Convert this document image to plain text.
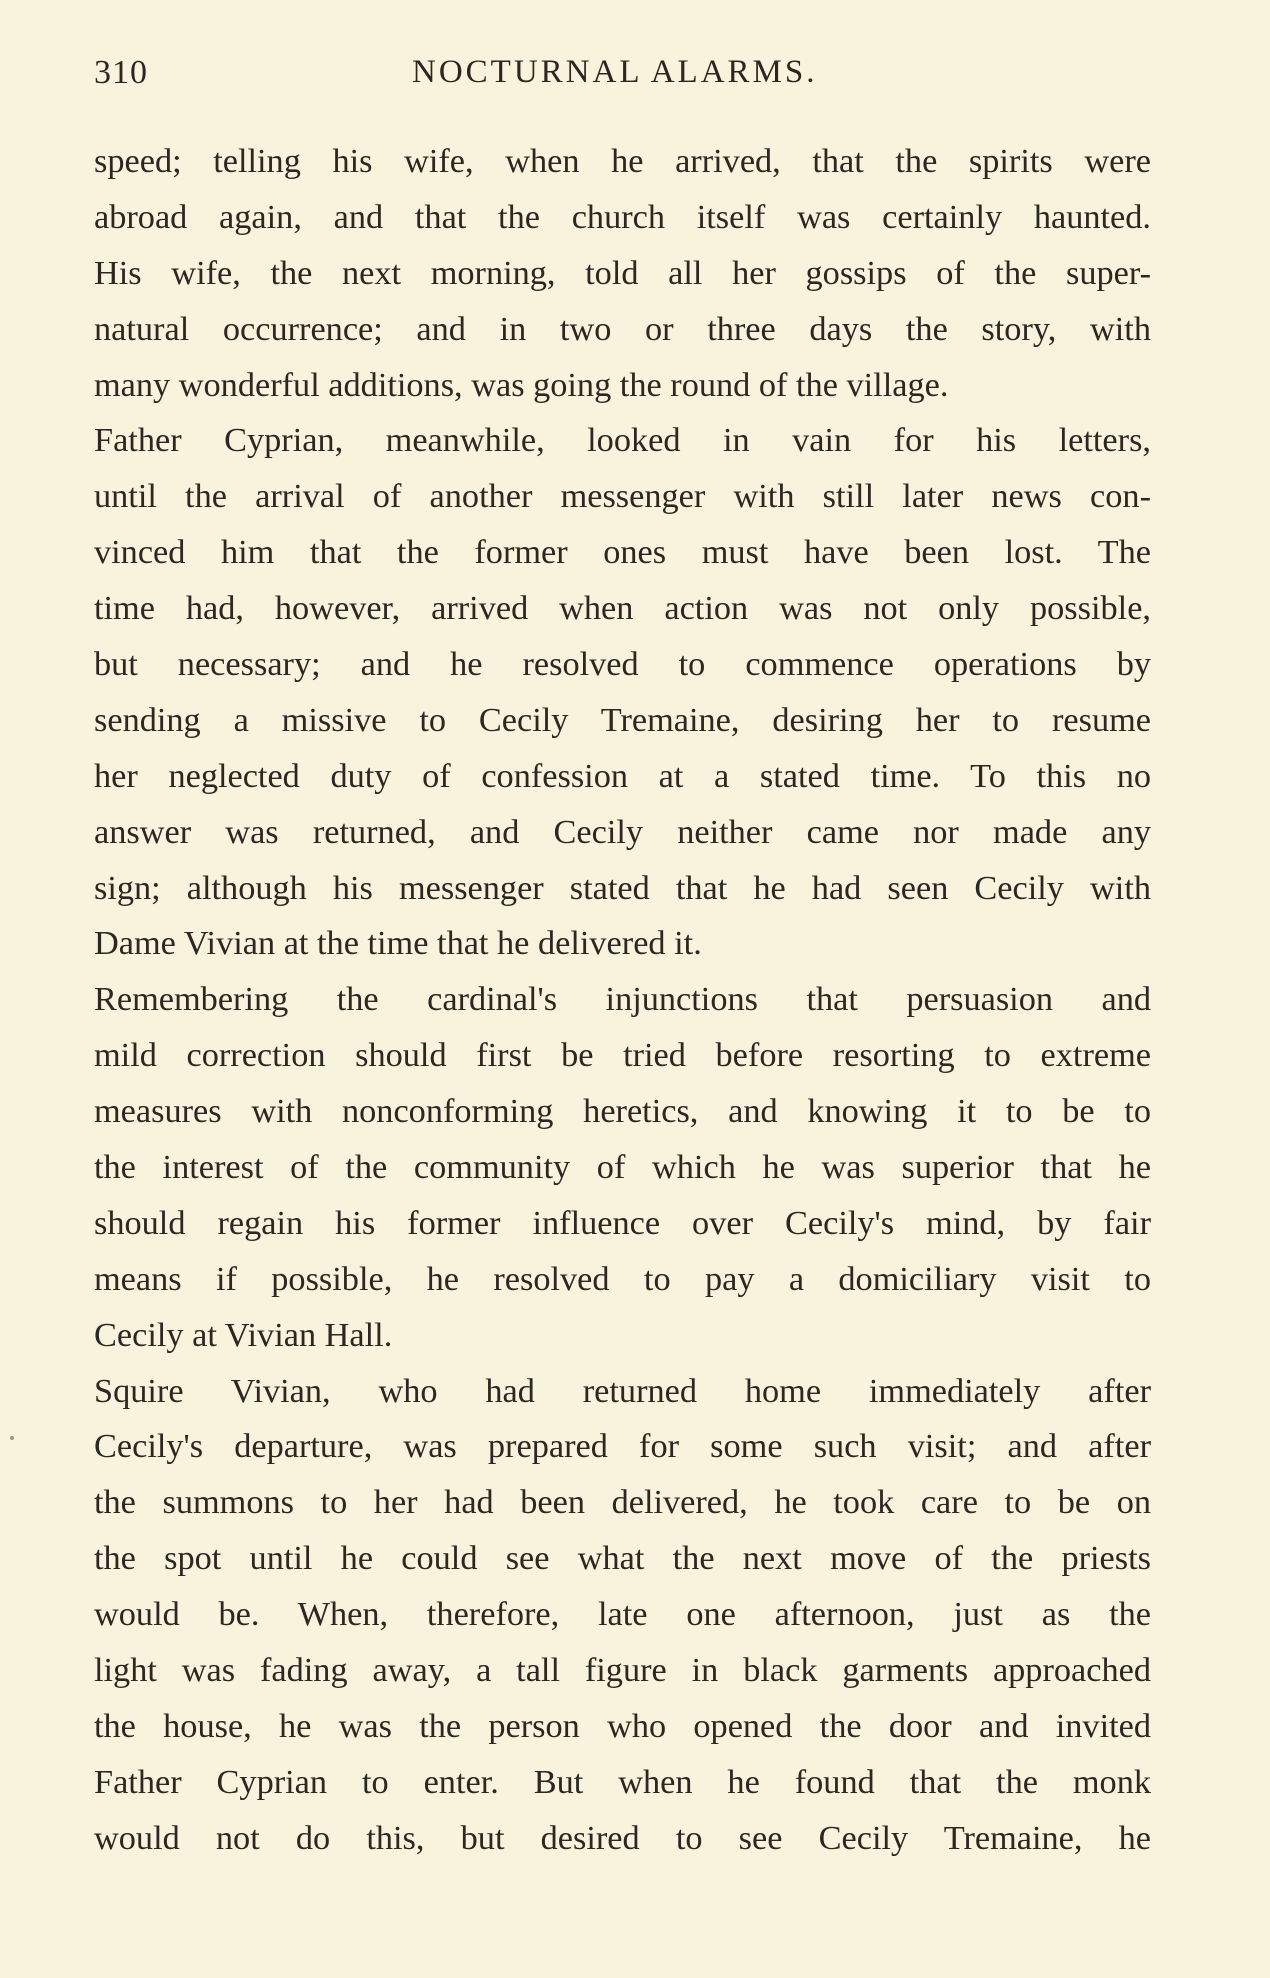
310	NOCTURNAL ALARMS.
speed; telling his wife, when he arrived, that the spirits were
abroad again, and that the church itself was certainly haunted.
His wife, the next morning, told all her gossips of the super-
natural occurrence; and in two or three days the story, with
many wonderful additions, was going the round of the village.
Father Cyprian, meanwhile, looked in vain for his letters,
until the arrival of another messenger with still later news con-
vinced him that the former ones must have been lost. The
time had, however, arrived when action was not only possible,
but necessary; and he resolved to commence operations by
sending a missive to Cecily Tremaine, desiring her to resume
her neglected duty of confession at a stated time. To this no
answer was returned, and Cecily neither came nor made any
sign; although his messenger stated that he had seen Cecily with
Dame Vivian at the time that he delivered it.
Remembering the cardinal's injunctions that persuasion and
mild correction should first be tried before resorting to extreme
measures with nonconforming heretics, and knowing it to be to
the interest of the community of which he was superior that he
should regain his former influence over Cecily's mind, by fair
means if possible, he resolved to pay a domiciliary visit to
Cecily at Vivian Hall.
Squire Vivian, who had returned home immediately after
Cecily's departure, was prepared for some such visit; and after
the summons to her had been delivered, he took care to be on
the spot until he could see what the next move of the priests
would be. When, therefore, late one afternoon, just as the
light was fading away, a tall figure in black garments approached
the house, he was the person who opened the door and invited
Father Cyprian to enter. But when he found that the monk
would not do this, but desired to see Cecily Tremaine, he
